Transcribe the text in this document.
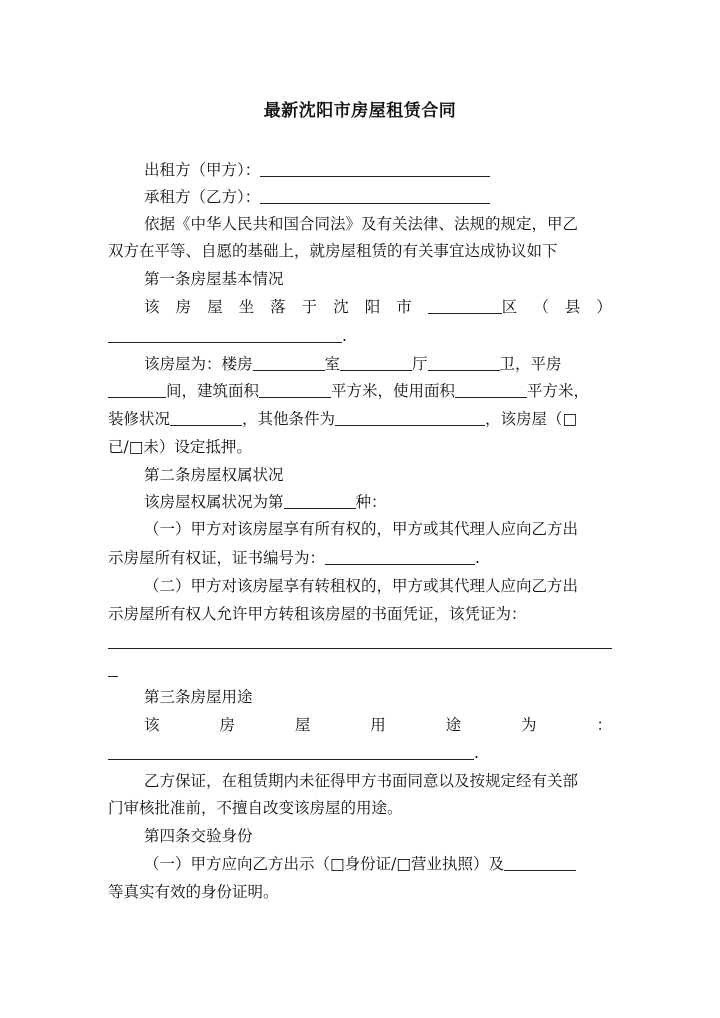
最新沈阳市房屋租赁合同
出租方（甲方）：
承租方（乙方）：
依据《中华人民共和国合同法》及有关法律、法规的规定，甲乙
双方在平等、自愿的基础上，就房屋租赁的有关事宜达成协议如下
第一条房屋基本情况
该 房 屋 坐 落 于 沈 阳 市	区 （ 县 ）
.
该房屋为：楼房	室	厅	卫，平房
间，建筑面积	平方米，使用面积	平方米，
装修状况	，其他条件为	，该房屋（□
已/□未）设定抵押。
第二条房屋权属状况
该房屋权属状况为第	种：
（一）甲方对该房屋享有所有权的，甲方或其代理人应向乙方出
示房屋所有权证，证书编号为：	.
（二）甲方对该房屋享有转租权的，甲方或其代理人应向乙方出
示房屋所有权人允许甲方转租该房屋的书面凭证，该凭证为：
第三条房屋用途
该	房	屋	用	途	为	：
.
乙方保证，在租赁期内未征得甲方书面同意以及按规定经有关部
门审核批准前，不擅自改变该房屋的用途。
第四条交验身份
（一）甲方应向乙方出示（□身份证/□营业执照）及
等真实有效的身份证明。
